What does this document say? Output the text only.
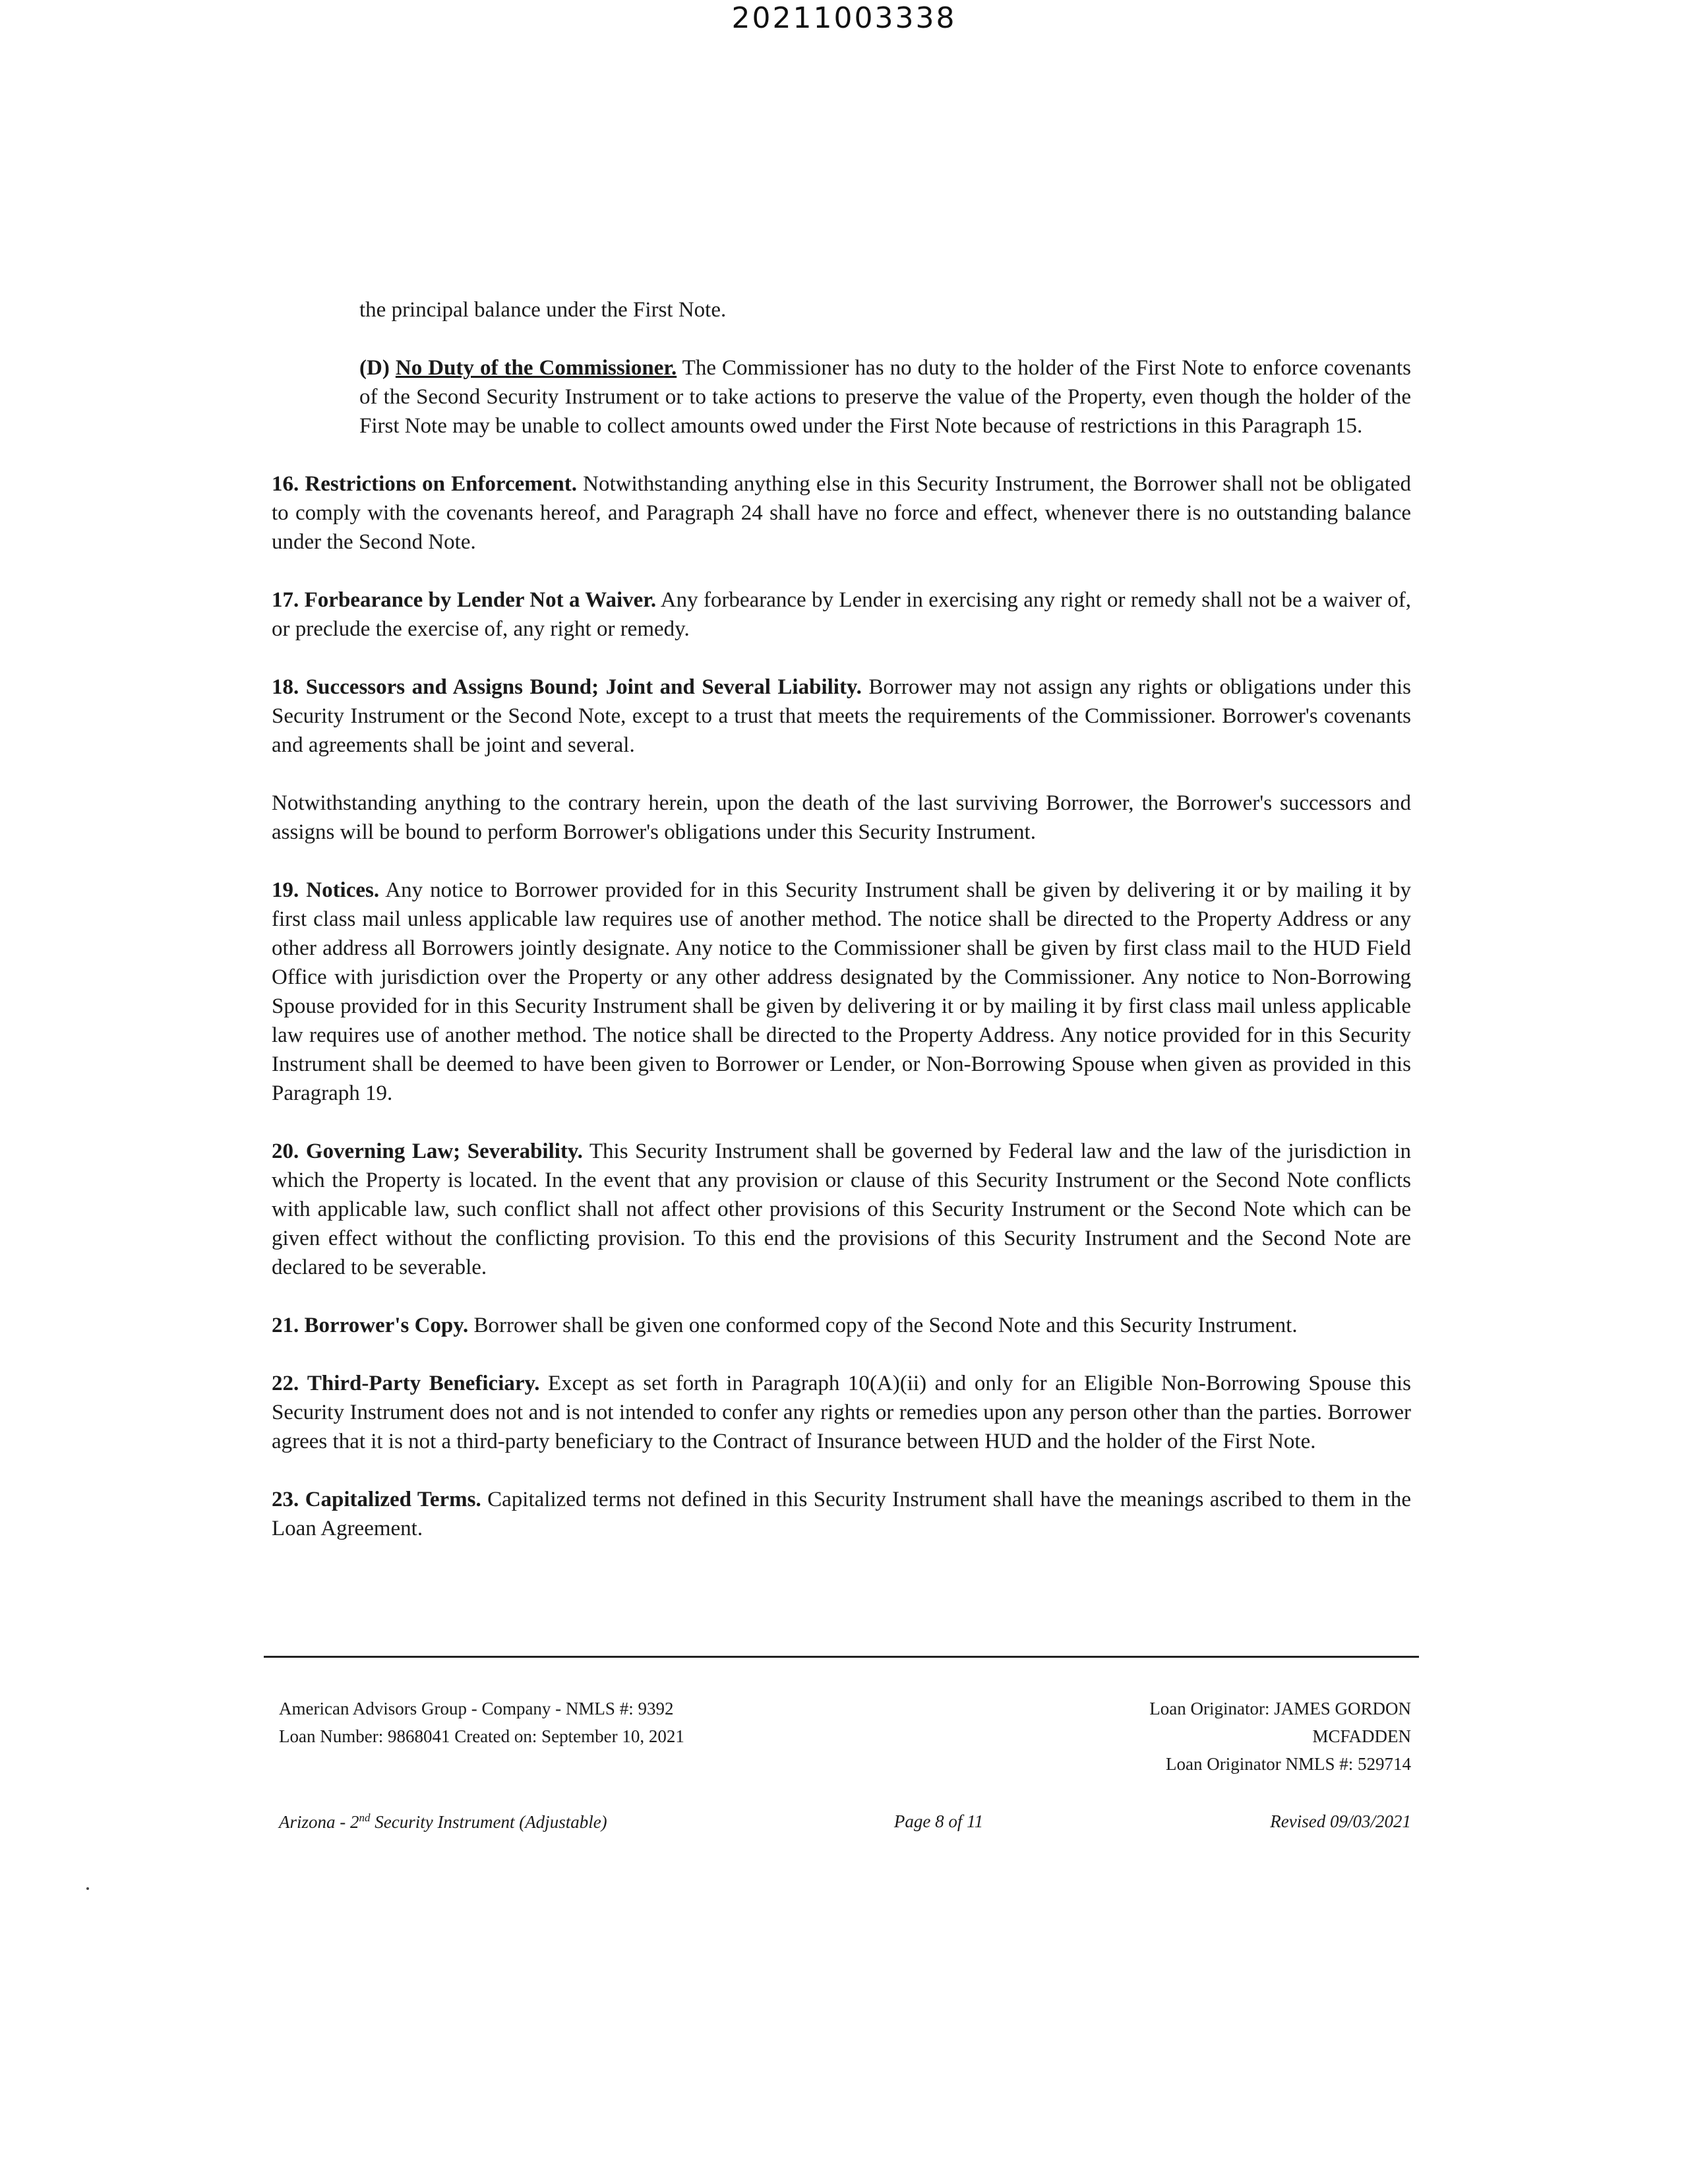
20211003338

the principal balance under the First Note.

(D) No Duty of the Commissioner. The Commissioner has no duty to the holder of the First Note to enforce covenants of the Second Security Instrument or to take actions to preserve the value of the Property, even though the holder of the First Note may be unable to collect amounts owed under the First Note because of restrictions in this Paragraph 15.

16. Restrictions on Enforcement. Notwithstanding anything else in this Security Instrument, the Borrower shall not be obligated to comply with the covenants hereof, and Paragraph 24 shall have no force and effect, whenever there is no outstanding balance under the Second Note.

17. Forbearance by Lender Not a Waiver. Any forbearance by Lender in exercising any right or remedy shall not be a waiver of, or preclude the exercise of, any right or remedy.

18. Successors and Assigns Bound; Joint and Several Liability. Borrower may not assign any rights or obligations under this Security Instrument or the Second Note, except to a trust that meets the requirements of the Commissioner. Borrower's covenants and agreements shall be joint and several.

Notwithstanding anything to the contrary herein, upon the death of the last surviving Borrower, the Borrower's successors and assigns will be bound to perform Borrower's obligations under this Security Instrument.

19. Notices. Any notice to Borrower provided for in this Security Instrument shall be given by delivering it or by mailing it by first class mail unless applicable law requires use of another method. The notice shall be directed to the Property Address or any other address all Borrowers jointly designate. Any notice to the Commissioner shall be given by first class mail to the HUD Field Office with jurisdiction over the Property or any other address designated by the Commissioner. Any notice to Non-Borrowing Spouse provided for in this Security Instrument shall be given by delivering it or by mailing it by first class mail unless applicable law requires use of another method. The notice shall be directed to the Property Address. Any notice provided for in this Security Instrument shall be deemed to have been given to Borrower or Lender, or Non-Borrowing Spouse when given as provided in this Paragraph 19.

20. Governing Law; Severability. This Security Instrument shall be governed by Federal law and the law of the jurisdiction in which the Property is located. In the event that any provision or clause of this Security Instrument or the Second Note conflicts with applicable law, such conflict shall not affect other provisions of this Security Instrument or the Second Note which can be given effect without the conflicting provision. To this end the provisions of this Security Instrument and the Second Note are declared to be severable.

21. Borrower's Copy. Borrower shall be given one conformed copy of the Second Note and this Security Instrument.

22. Third-Party Beneficiary. Except as set forth in Paragraph 10(A)(ii) and only for an Eligible Non-Borrowing Spouse this Security Instrument does not and is not intended to confer any rights or remedies upon any person other than the parties. Borrower agrees that it is not a third-party beneficiary to the Contract of Insurance between HUD and the holder of the First Note.

23. Capitalized Terms. Capitalized terms not defined in this Security Instrument shall have the meanings ascribed to them in the Loan Agreement.

American Advisors Group - Company - NMLS #: 9392
Loan Number: 9868041 Created on: September 10, 2021
Loan Originator: JAMES GORDON
MCFADDEN
Loan Originator NMLS #: 529714
Arizona - 2nd Security Instrument (Adjustable)	Page 8 of 11	Revised 09/03/2021
